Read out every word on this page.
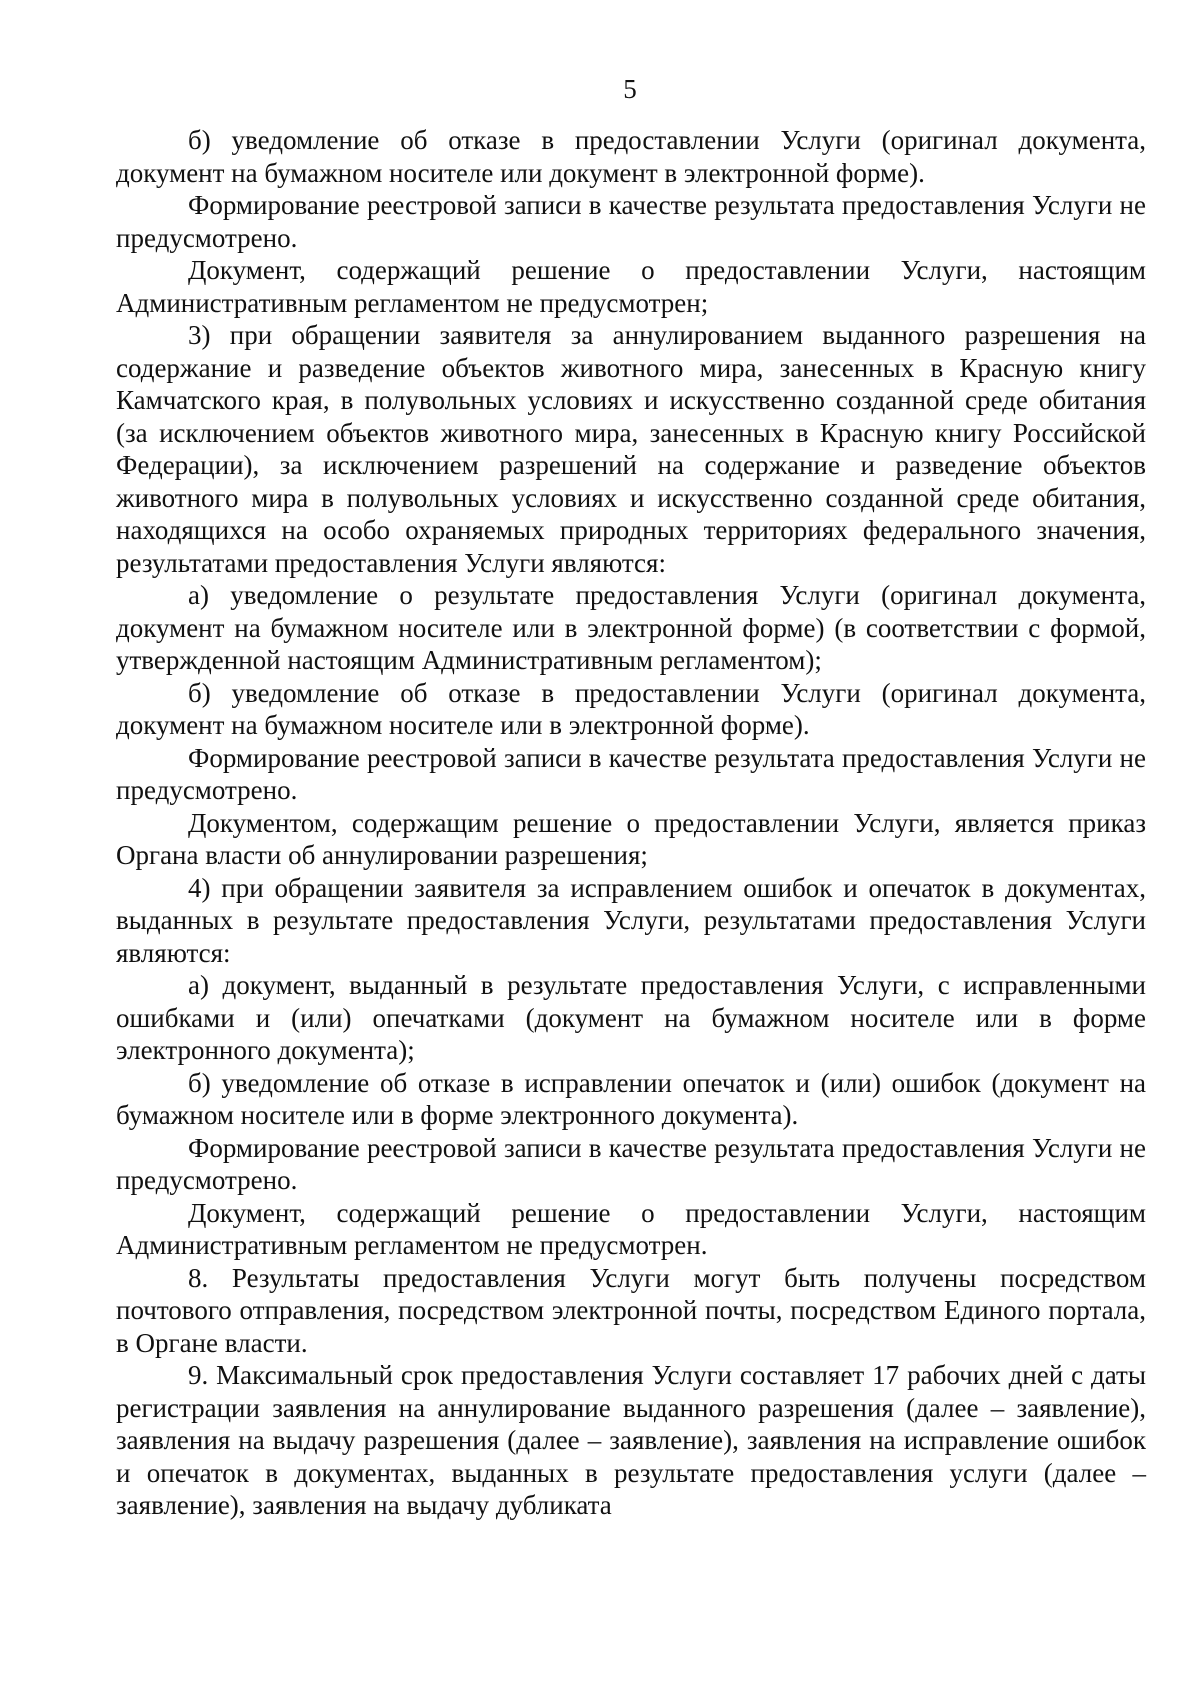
5

б) уведомление об отказе в предоставлении Услуги (оригинал документа, документ на бумажном носителе или документ в электронной форме).

Формирование реестровой записи в качестве результата предоставления Услуги не предусмотрено.

Документ, содержащий решение о предоставлении Услуги, настоящим Административным регламентом не предусмотрен;

3) при обращении заявителя за аннулированием выданного разрешения на содержание и разведение объектов животного мира, занесенных в Красную книгу Камчатского края, в полувольных условиях и искусственно созданной среде обитания (за исключением объектов животного мира, занесенных в Красную книгу Российской Федерации), за исключением разрешений на содержание и разведение объектов животного мира в полувольных условиях и искусственно созданной среде обитания, находящихся на особо охраняемых природных территориях федерального значения, результатами предоставления Услуги являются:

а) уведомление о результате предоставления Услуги (оригинал документа, документ на бумажном носителе или в электронной форме) (в соответствии с формой, утвержденной настоящим Административным регламентом);

б) уведомление об отказе в предоставлении Услуги (оригинал документа, документ на бумажном носителе или в электронной форме).

Формирование реестровой записи в качестве результата предоставления Услуги не предусмотрено.

Документом, содержащим решение о предоставлении Услуги, является приказ Органа власти об аннулировании разрешения;

4) при обращении заявителя за исправлением ошибок и опечаток в документах, выданных в результате предоставления Услуги, результатами предоставления Услуги являются:

а) документ, выданный в результате предоставления Услуги, с исправленными ошибками и (или) опечатками (документ на бумажном носителе или в форме электронного документа);

б) уведомление об отказе в исправлении опечаток и (или) ошибок (документ на бумажном носителе или в форме электронного документа).

Формирование реестровой записи в качестве результата предоставления Услуги не предусмотрено.

Документ, содержащий решение о предоставлении Услуги, настоящим Административным регламентом не предусмотрен.

8. Результаты предоставления Услуги могут быть получены посредством почтового отправления, посредством электронной почты, посредством Единого портала, в Органе власти.

9. Максимальный срок предоставления Услуги составляет 17 рабочих дней с даты регистрации заявления на аннулирование выданного разрешения (далее – заявление), заявления на выдачу разрешения (далее – заявление), заявления на исправление ошибок и опечаток в документах, выданных в результате предоставления услуги (далее – заявление), заявления на выдачу дубликата
